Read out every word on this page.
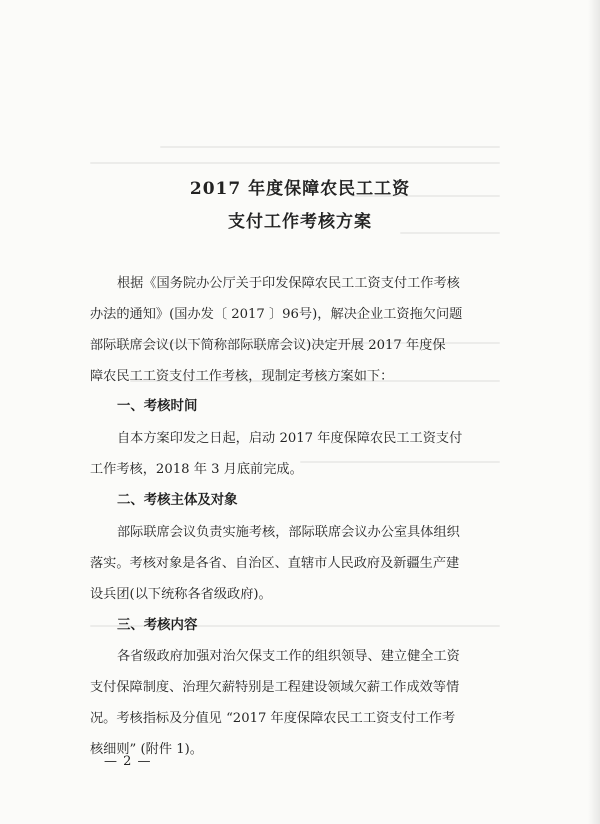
2017 年度保障农民工工资
支付工作考核方案
根据《国务院办公厅关于印发保障农民工工资支付工作考核
办法的通知》(国办发〔 2017 〕96号)，解决企业工资拖欠问题
部际联席会议(以下简称部际联席会议)决定开展 2017 年度保
障农民工工资支付工作考核，现制定考核方案如下：
一、考核时间
自本方案印发之日起，启动 2017 年度保障农民工工资支付
工作考核，2018 年 3 月底前完成。
二、考核主体及对象
部际联席会议负责实施考核，部际联席会议办公室具体组织
落实。考核对象是各省、自治区、直辖市人民政府及新疆生产建
设兵团(以下统称各省级政府)。
三、考核内容
各省级政府加强对治欠保支工作的组织领导、建立健全工资
支付保障制度、治理欠薪特别是工程建设领域欠薪工作成效等情
况。考核指标及分值见 “2017 年度保障农民工工资支付工作考
核细则” (附件 1)。
— 2 —
